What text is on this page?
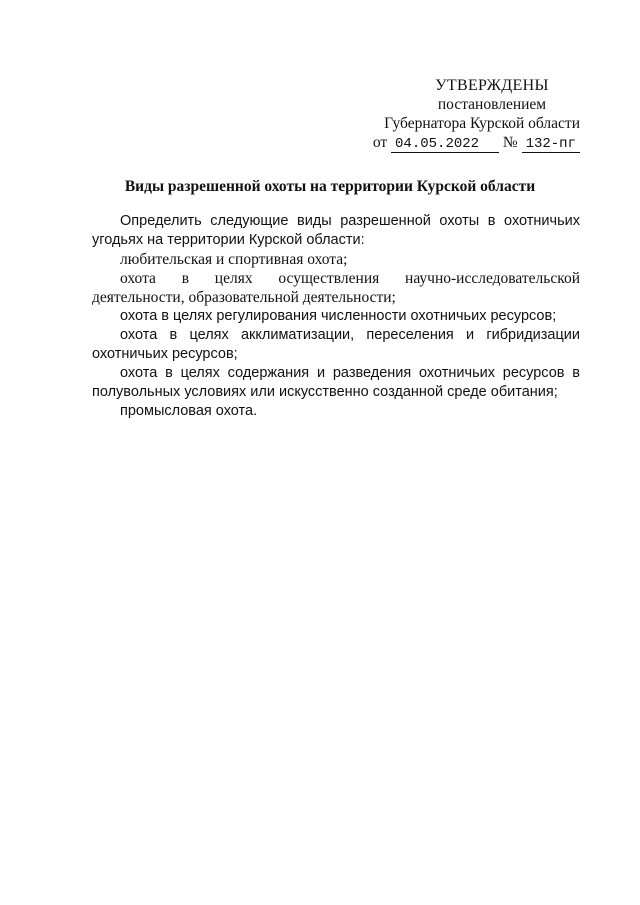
УТВЕРЖДЕНЫ
постановлением
Губернатора Курской области
от 04.05.2022 № 132-пг
Виды разрешенной охоты на территории Курской области

Определить следующие виды разрешенной охоты в охотничьих угодьях на территории Курской области:

любительская и спортивная охота;

охота в целях осуществления научно-исследовательской деятельности, образовательной деятельности;

охота в целях регулирования численности охотничьих ресурсов;

охота в целях акклиматизации, переселения и гибридизации охотничьих ресурсов;

охота в целях содержания и разведения охотничьих ресурсов в полувольных условиях или искусственно созданной среде обитания;

промысловая охота.
